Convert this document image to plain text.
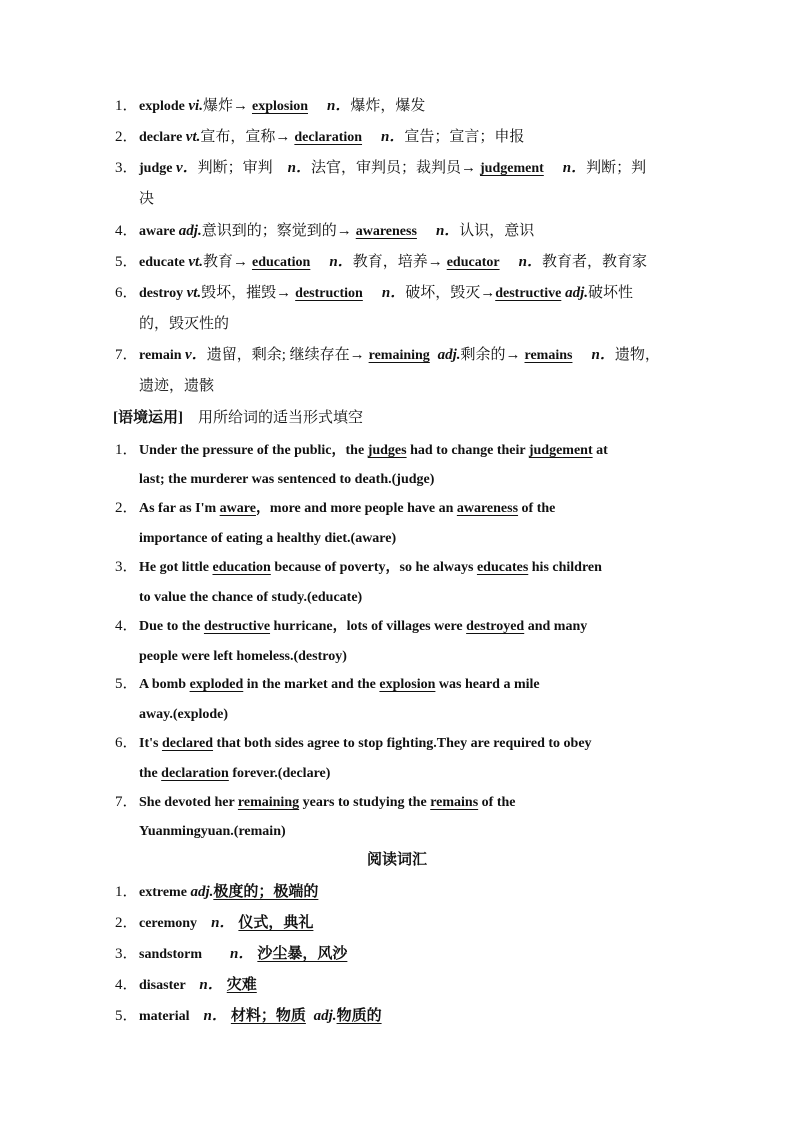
1．explode vi.爆炸→ explosion　 n．爆炸，爆发
2．declare vt.宣布，宣称→ declaration　 n．宣告；宣言；申报
3．judge v．判断；审判　n．法官，审判员；裁判员→ judgement　 n．判断；判
决
4．aware adj.意识到的；察觉到的→ awareness　 n．认识，意识
5．educate vt.教育→ education　 n．教育，培养→ educator　 n．教育者，教育家
6．destroy vt.毁坏，摧毁→ destruction　 n．破坏，毁灭→destructive adj.破坏性
的，毁灭性的
7．remain v．遗留，剩余; 继续存在→ remaining adj.剩余的→ remains　 n．遗物，
遗迹，遗骸
[语境运用]　 用所给词的适当形式填空
1．Under the pressure of the public，the judges had to change their judgement at
last; the murderer was sentenced to death.(judge)
2．As far as I'm aware，more and more people have an awareness of the
importance of eating a healthy diet.(aware)
3．He got little education because of poverty，so he always educates his children
to value the chance of study.(educate)
4．Due to the destructive hurricane，lots of villages were destroyed and many
people were left homeless.(destroy)
5．A bomb exploded in the market and the explosion was heard a mile
away.(explode)
6．It's declared that both sides agree to stop fighting.They are required to obey
the declaration forever.(declare)
7．She devoted her remaining years to studying the remains of the
Yuanmingyuan.(remain)
阅读词汇
1．extreme adj.极度的；极端的
2．ceremony　n． 仪式，典礼
3．sandstorm　　n． 沙尘暴，风沙
4．disaster　n． 灾难
5．material　n． 材料；物质 adj.物质的
